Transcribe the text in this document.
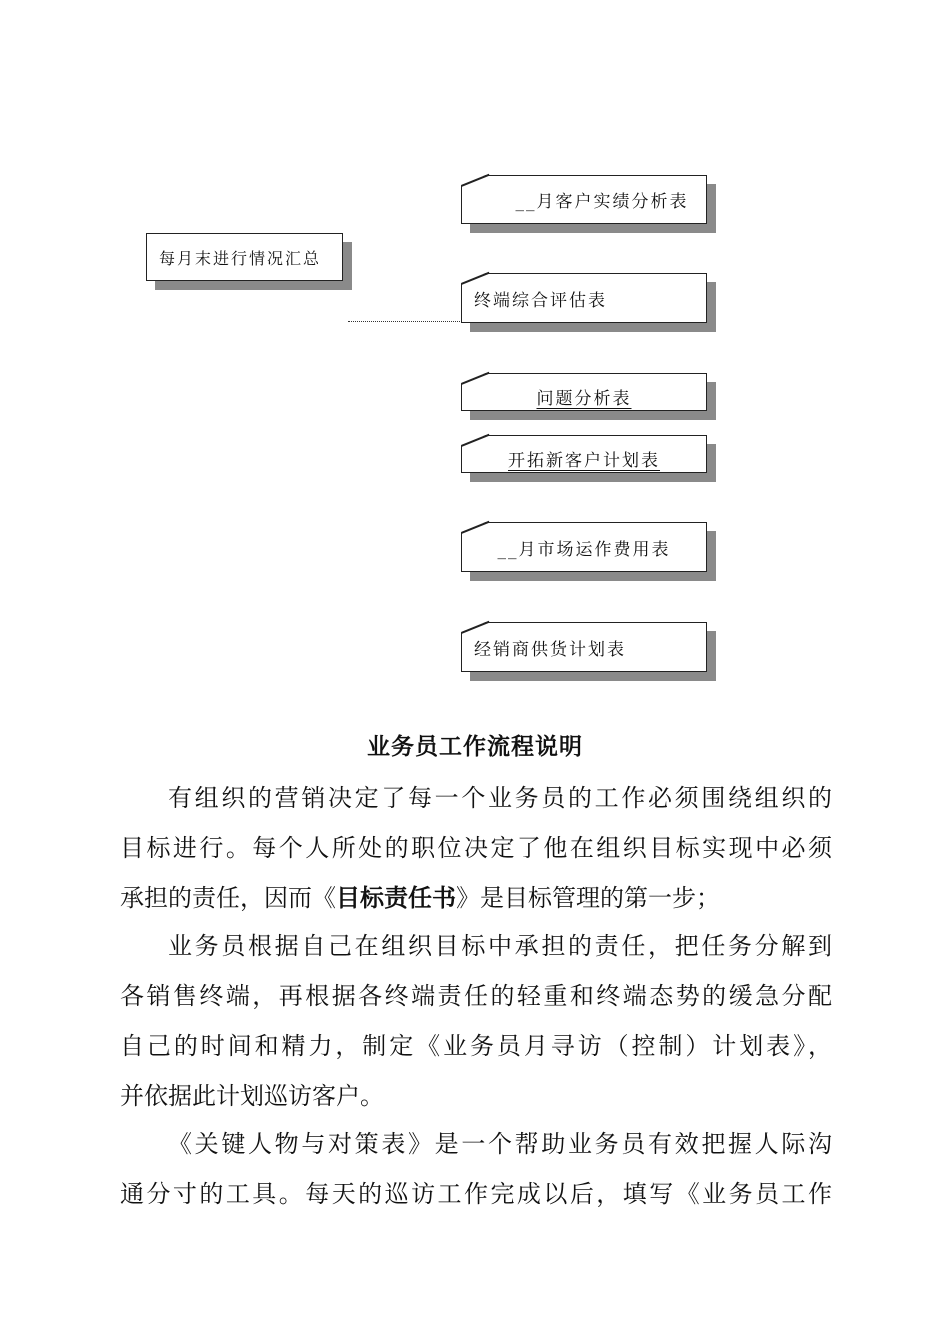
每月末进行情况汇总
__月客户实绩分析表
终端综合评估表
问题分析表
开拓新客户计划表
__月市场运作费用表
经销商供货计划表
业务员工作流程说明
有组织的营销决定了每一个业务员的工作必须围绕组织的
目标进行。每个人所处的职位决定了他在组织目标实现中必须
承担的责任，因而《目标责任书》是目标管理的第一步；
业务员根据自己在组织目标中承担的责任，把任务分解到
各销售终端，再根据各终端责任的轻重和终端态势的缓急分配
自己的时间和精力，制定《业务员月寻访（控制）计划表》，
并依据此计划巡访客户。
《关键人物与对策表》是一个帮助业务员有效把握人际沟
通分寸的工具。每天的巡访工作完成以后，填写《业务员工作
